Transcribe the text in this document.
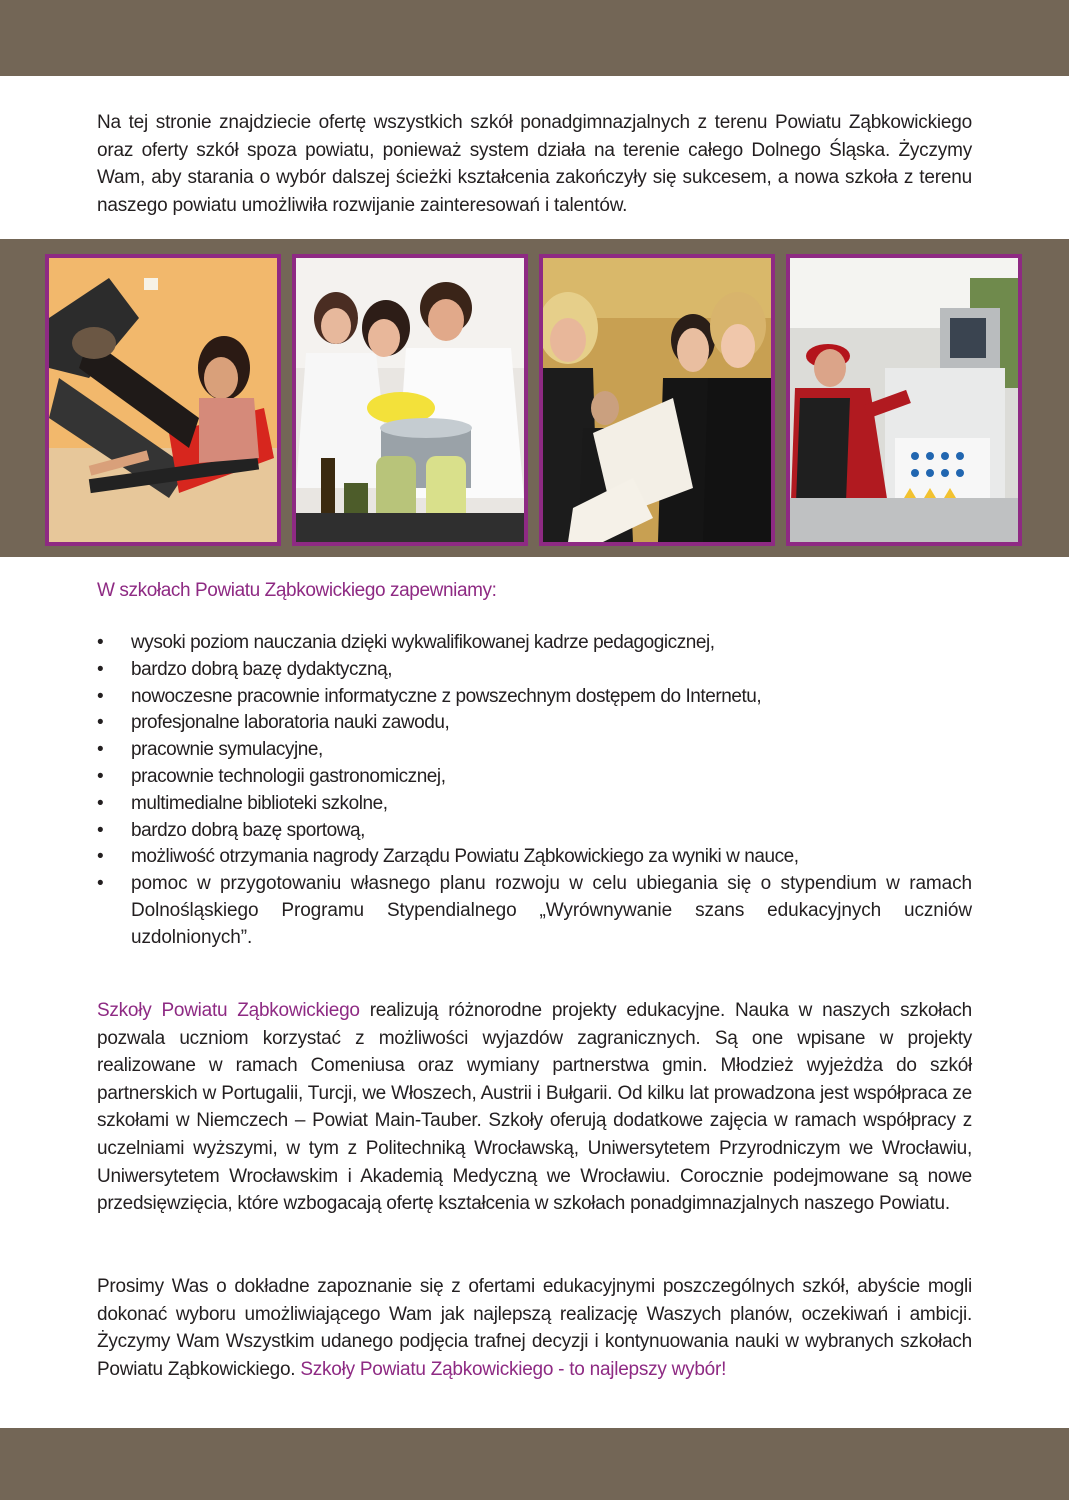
Na tej stronie znajdziecie ofertę wszystkich szkół ponadgimnazjalnych z terenu Powiatu Ząbkowickiego oraz oferty szkół spoza powiatu, ponieważ system działa na terenie całego Dolnego Śląska. Życzymy Wam, aby starania o wybór dalszej ścieżki kształcenia zakończyły się sukcesem, a nowa szkoła z terenu naszego powiatu umożliwiła rozwijanie zainteresowań i talentów.

W szkołach Powiatu Ząbkowickiego zapewniamy:
• wysoki poziom nauczania dzięki wykwalifikowanej kadrze pedagogicznej,
• bardzo dobrą bazę dydaktyczną,
• nowoczesne pracownie informatyczne z powszechnym dostępem do Internetu,
• profesjonalne laboratoria nauki zawodu,
• pracownie symulacyjne,
• pracownie technologii gastronomicznej,
• multimedialne biblioteki szkolne,
• bardzo dobrą bazę sportową,
• możliwość otrzymania nagrody Zarządu Powiatu Ząbkowickiego za wyniki w nauce,
• pomoc w przygotowaniu własnego planu rozwoju w celu ubiegania się o stypendium w ramach Dolnośląskiego Programu Stypendialnego „Wyrównywanie szans edukacyjnych uczniów uzdolnionych”.

Szkoły Powiatu Ząbkowickiego realizują różnorodne projekty edukacyjne. Nauka w naszych szkołach pozwala uczniom korzystać z możliwości wyjazdów zagranicznych. Są one wpisane w projekty realizowane w ramach Comeniusa oraz wymiany partnerstwa gmin. Młodzież wyjeżdża do szkół partnerskich w Portugalii, Turcji, we Włoszech, Austrii i Bułgarii. Od kilku lat prowadzona jest współpraca ze szkołami w Niemczech – Powiat Main-Tauber. Szkoły oferują dodatkowe zajęcia w ramach współpracy z uczelniami wyższymi, w tym z Politechniką Wrocławską, Uniwersytetem Przyrodniczym we Wrocławiu, Uniwersytetem Wrocławskim i Akademią Medyczną we Wrocławiu. Corocznie podejmowane są nowe przedsięwzięcia, które wzbogacają ofertę kształcenia w szkołach ponadgimnazjalnych naszego Powiatu.

Prosimy Was o dokładne zapoznanie się z ofertami edukacyjnymi poszczególnych szkół, abyście mogli dokonać wyboru umożliwiającego Wam jak najlepszą realizację Waszych planów, oczekiwań i ambicji. Życzymy Wam Wszystkim udanego podjęcia trafnej decyzji i kontynuowania nauki w wybranych szkołach Powiatu Ząbkowickiego. Szkoły Powiatu Ząbkowickiego - to najlepszy wybór!
